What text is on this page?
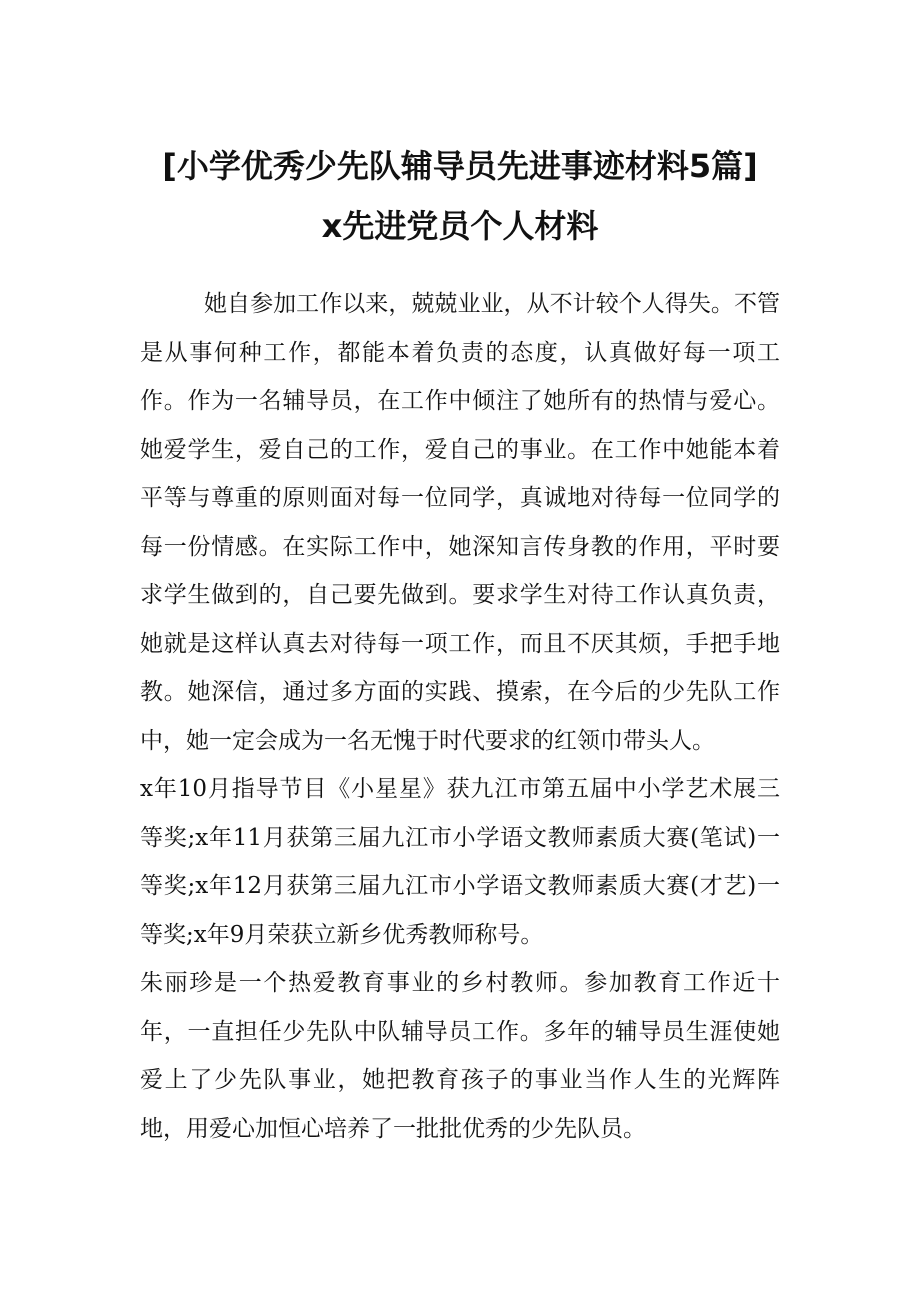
[小学优秀少先队辅导员先进事迹材料5篇]
x先进党员个人材料

她自参加工作以来，兢兢业业，从不计较个人得失。不管是从事何种工作，都能本着负责的态度，认真做好每一项工作。作为一名辅导员，在工作中倾注了她所有的热情与爱心。她爱学生，爱自己的工作，爱自己的事业。在工作中她能本着平等与尊重的原则面对每一位同学，真诚地对待每一位同学的每一份情感。在实际工作中，她深知言传身教的作用，平时要求学生做到的，自己要先做到。要求学生对待工作认真负责，她就是这样认真去对待每一项工作，而且不厌其烦，手把手地教。她深信，通过多方面的实践、摸索，在今后的少先队工作中，她一定会成为一名无愧于时代要求的红领巾带头人。

x年10月指导节目《小星星》获九江市第五届中小学艺术展三等奖;x年11月获第三届九江市小学语文教师素质大赛(笔试)一等奖;x年12月获第三届九江市小学语文教师素质大赛(才艺)一等奖;x年9月荣获立新乡优秀教师称号。

朱丽珍是一个热爱教育事业的乡村教师。参加教育工作近十年，一直担任少先队中队辅导员工作。多年的辅导员生涯使她爱上了少先队事业，她把教育孩子的事业当作人生的光辉阵地，用爱心加恒心培养了一批批优秀的少先队员。
